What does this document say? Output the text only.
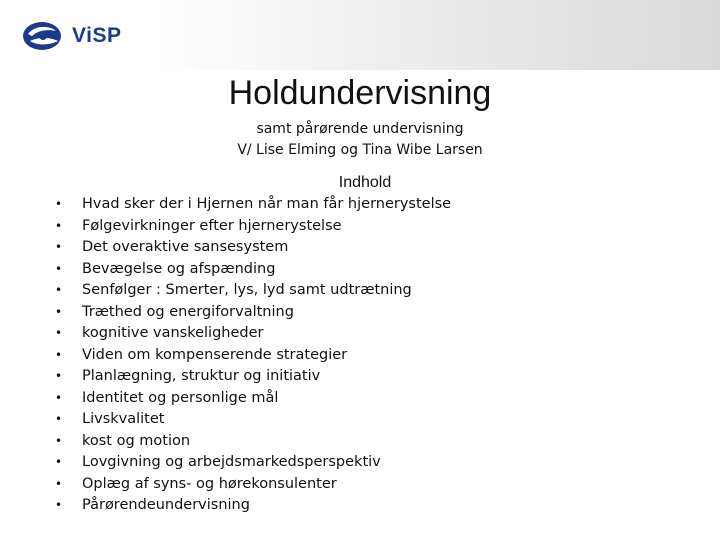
ViSP
Holdundervisning
samt pårørende undervisning
V/ Lise Elming og Tina Wibe Larsen
Indhold
• Hvad sker der i Hjernen når man får hjernerystelse
• Følgevirkninger efter hjernerystelse
• Det overaktive sansesystem
• Bevægelse og afspænding
• Senfølger : Smerter, lys, lyd samt udtrætning
• Træthed og energiforvaltning
• kognitive vanskeligheder
• Viden om kompenserende strategier
• Planlægning, struktur og initiativ
• Identitet og personlige mål
• Livskvalitet
• kost og motion
• Lovgivning og arbejdsmarkedsperspektiv
• Oplæg af syns- og hørekonsulenter
• Pårørendeundervisning
